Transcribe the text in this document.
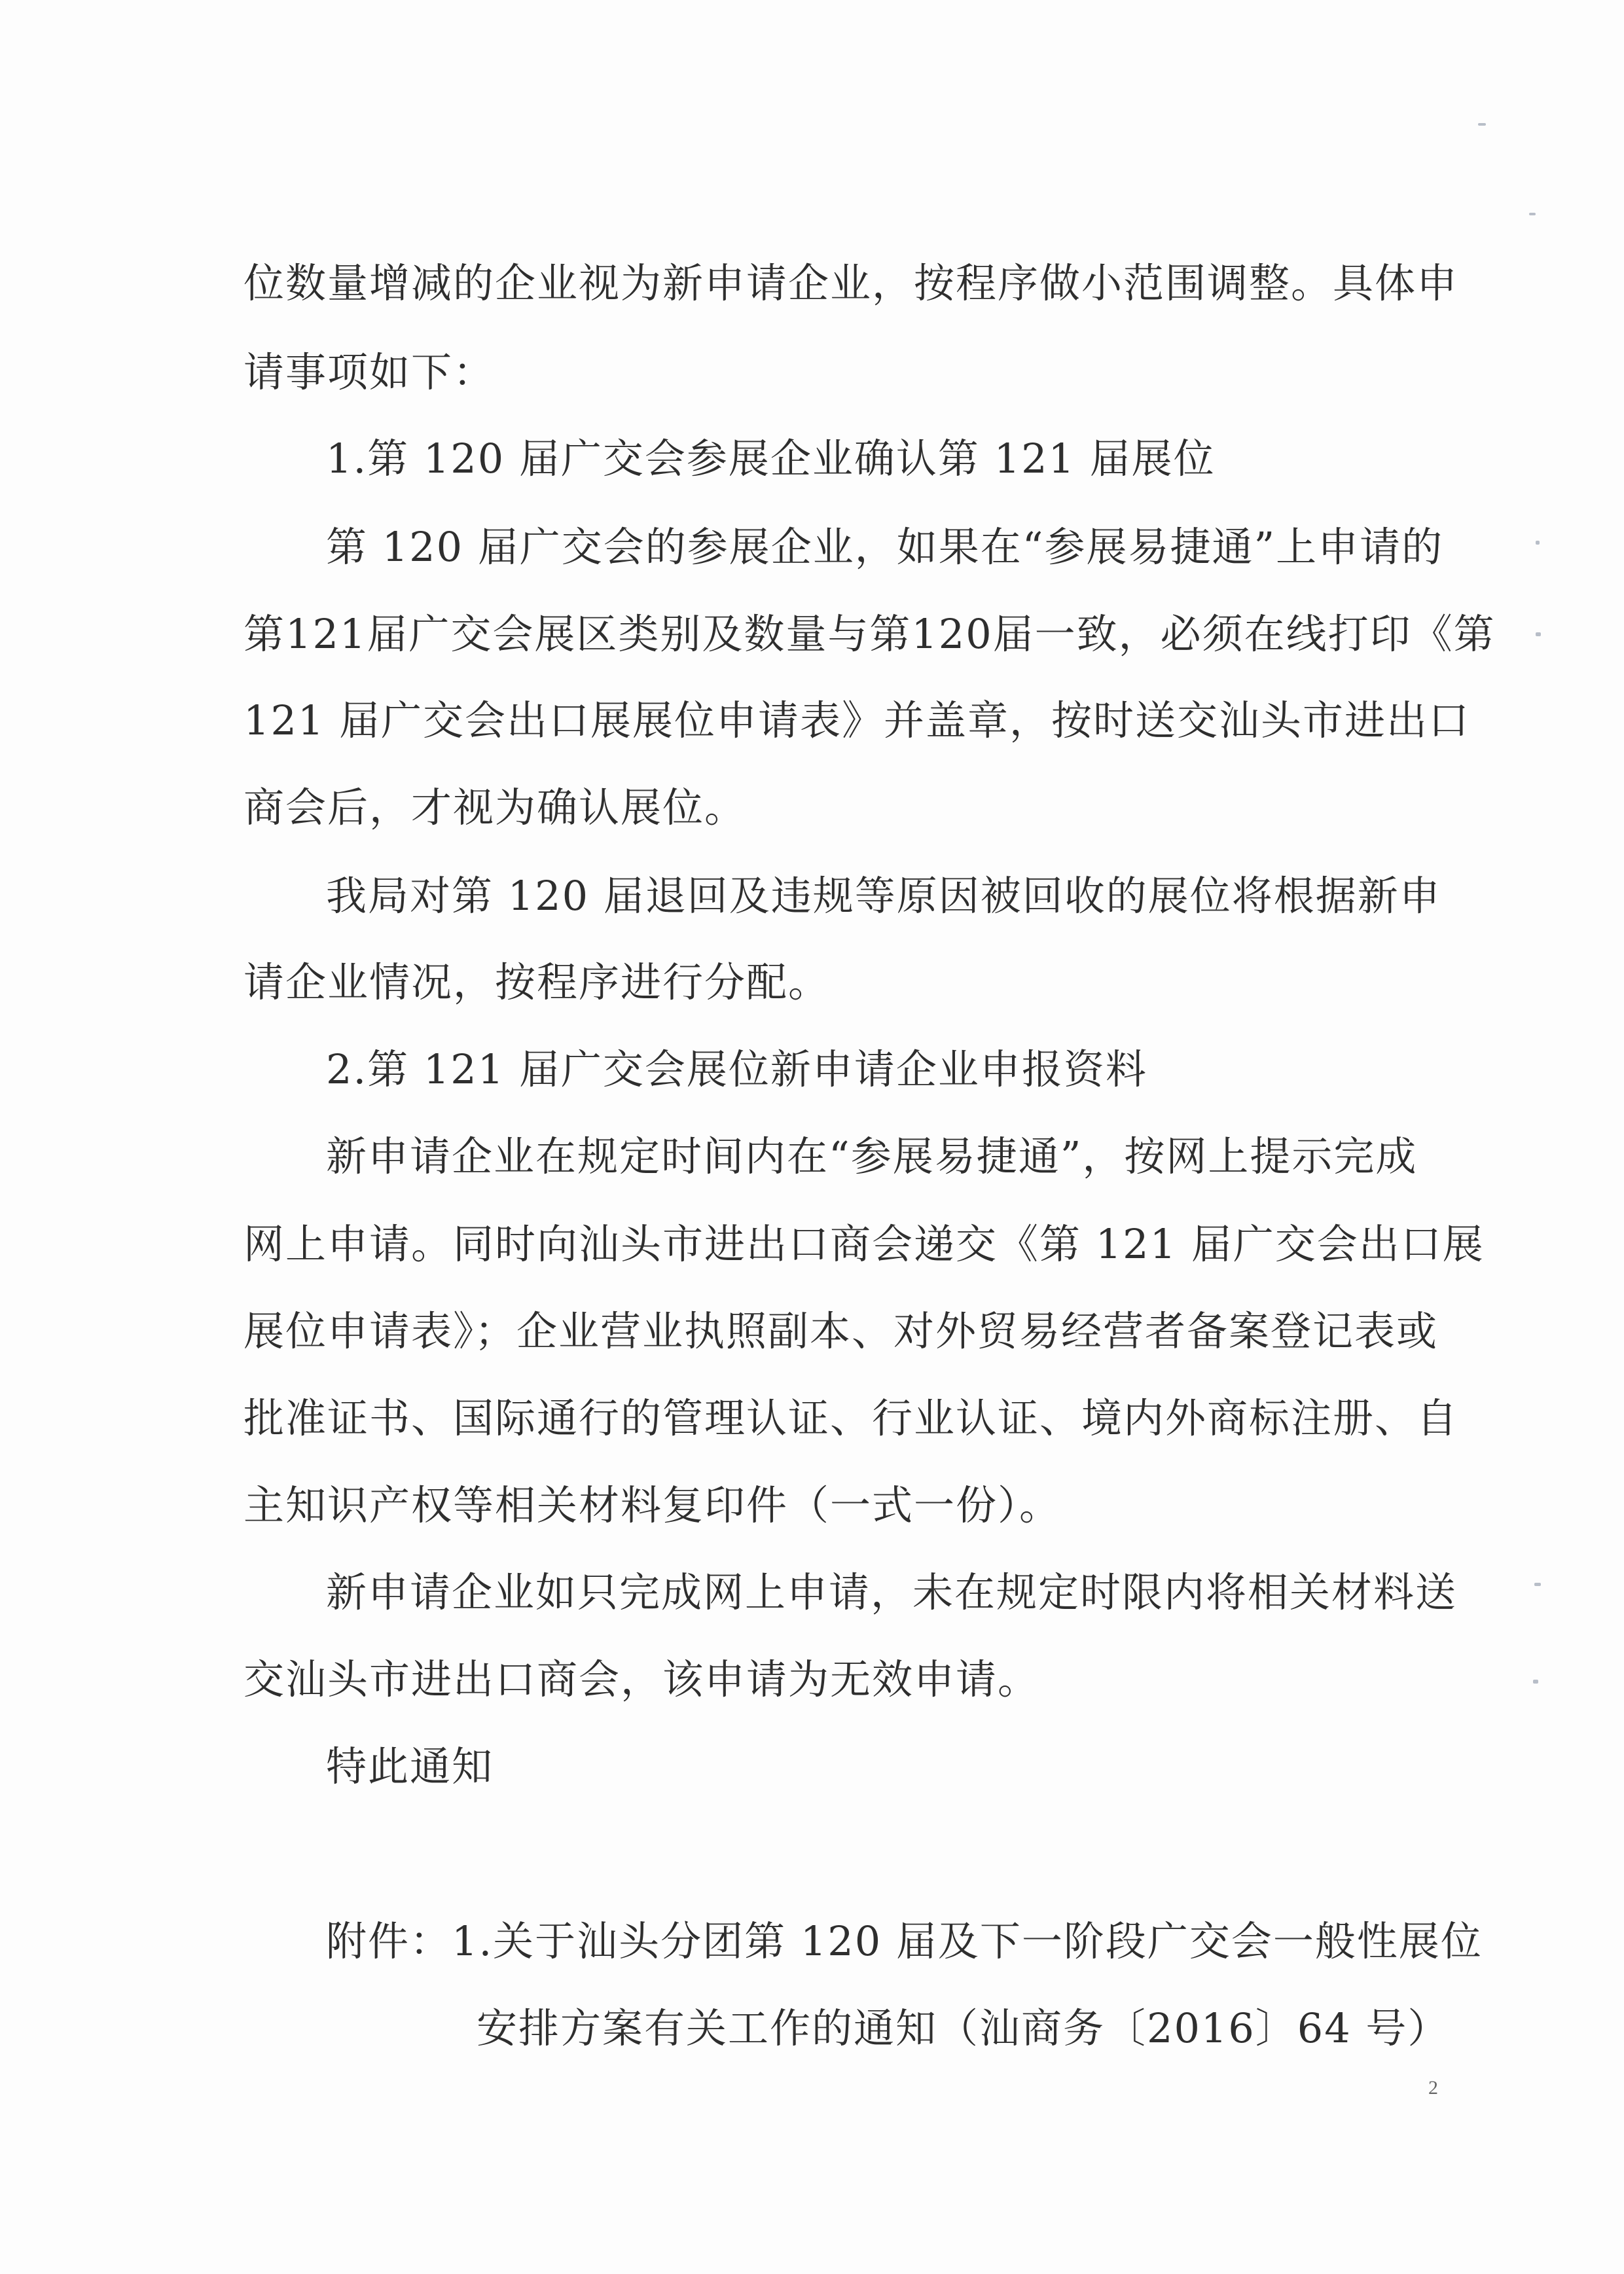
位数量增减的企业视为新申请企业，按程序做小范围调整。具体申
请事项如下：
1.第 120 届广交会参展企业确认第 121 届展位
第 120 届广交会的参展企业，如果在“参展易捷通”上申请的
第121届广交会展区类别及数量与第120届一致，必须在线打印《第
121 届广交会出口展展位申请表》并盖章，按时送交汕头市进出口
商会后，才视为确认展位。
我局对第 120 届退回及违规等原因被回收的展位将根据新申
请企业情况，按程序进行分配。
2.第 121 届广交会展位新申请企业申报资料
新申请企业在规定时间内在“参展易捷通”，按网上提示完成
网上申请。同时向汕头市进出口商会递交《第 121 届广交会出口展
展位申请表》；企业营业执照副本、对外贸易经营者备案登记表或
批准证书、国际通行的管理认证、行业认证、境内外商标注册、自
主知识产权等相关材料复印件（一式一份）。
新申请企业如只完成网上申请，未在规定时限内将相关材料送
交汕头市进出口商会，该申请为无效申请。
特此通知
附件：1.关于汕头分团第 120 届及下一阶段广交会一般性展位
安排方案有关工作的通知（汕商务〔2016〕64 号）
2
